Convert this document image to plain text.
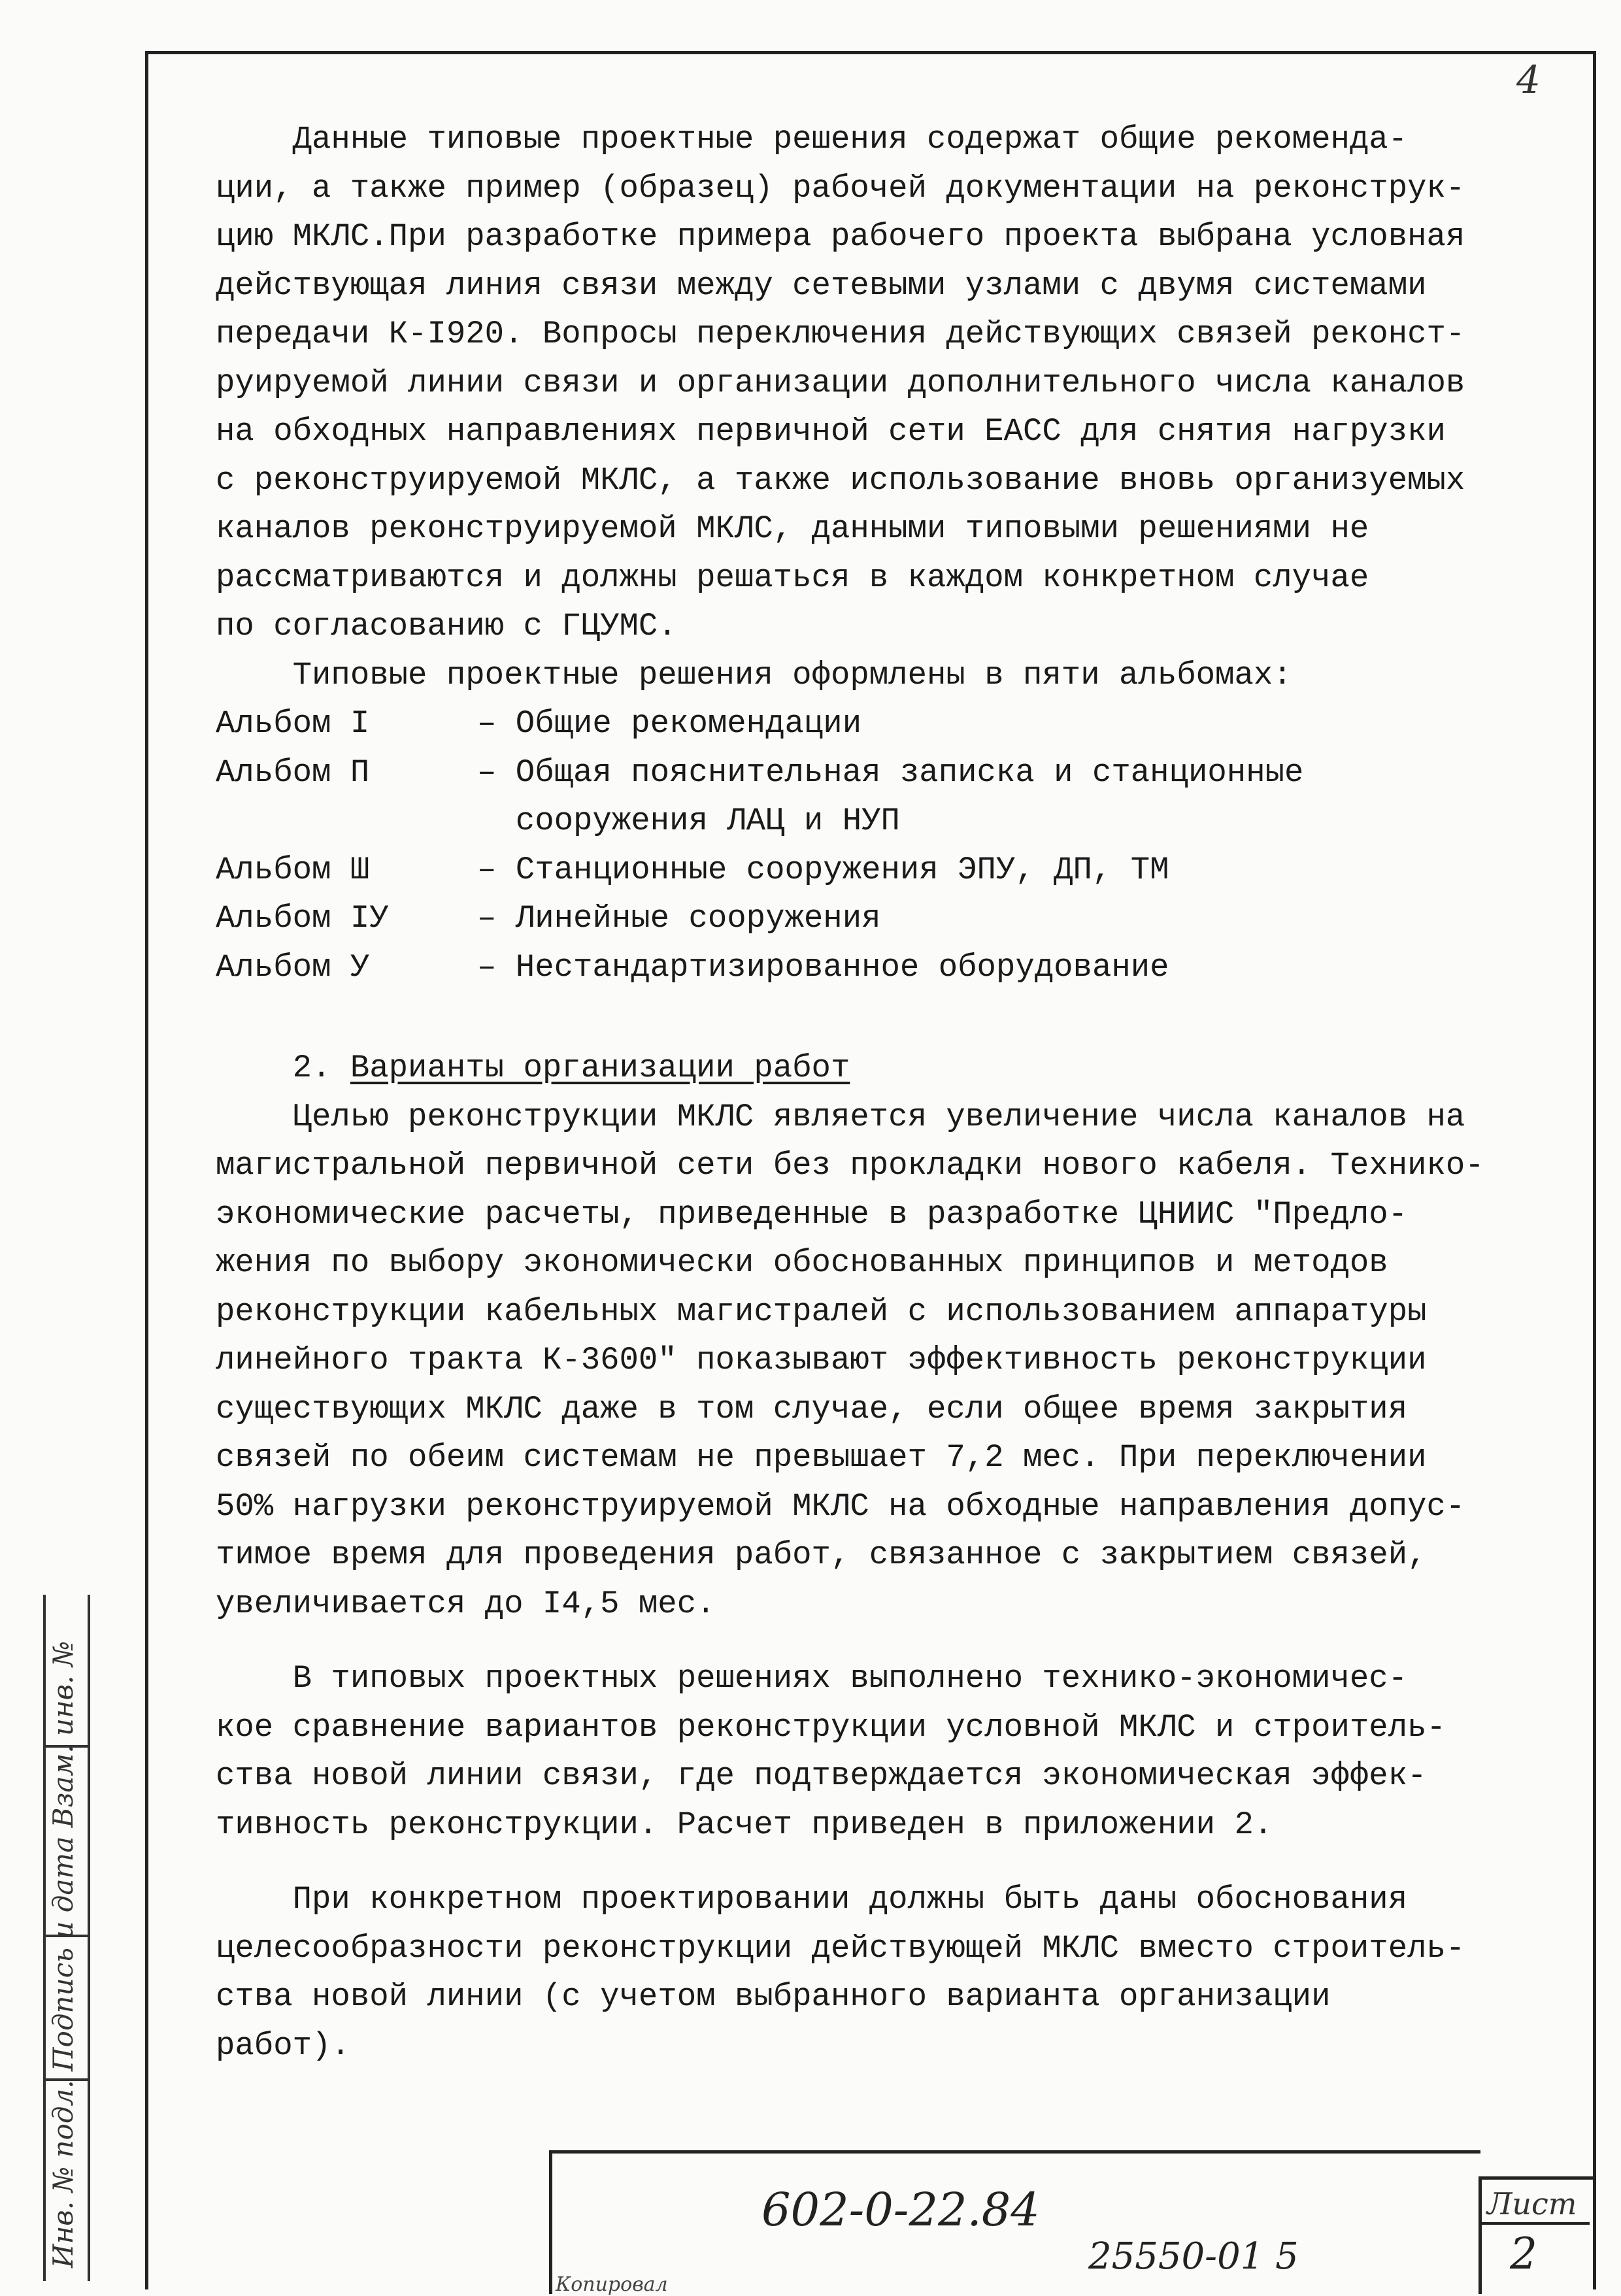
4
Данные типовые проектные решения содержат общие рекомендa-
ции, а также пример (образец) рабочей документации на реконструк-
цию МКЛС.При разработке примера рабочего проекта выбрана условная
действующая линия связи между сетевыми узлами с двумя системами
передачи К-I920. Вопросы переключения действующих связей реконст-
руируемой линии связи и организации дополнительного числа каналов
на обходных направлениях первичной сети ЕАСС для снятия нагрузки
с реконструируемой МКЛС, а также использование вновь организуемых
каналов реконструируемой МКЛС, данными типовыми решениями не
рассматриваются и должны решаться в каждом конкретном случае
по согласованию с ГЦУМС.
Типовые проектные решения оформлены в пяти альбомах:
Альбом I	– Общие рекомендации
Альбом П	– Общая пояснительная записка и станционные
сооружения ЛАЦ и НУП
Альбом Ш	– Станционные сооружения ЭПУ, ДП, ТМ
Альбом IУ	– Линейные сооружения
Альбом У	– Нестандартизированное оборудование
2. Варианты организации работ
Целью реконструкции МКЛС является увеличение числа каналов на
магистральной первичной сети без прокладки нового кабеля. Технико-
экономические расчеты, приведенные в разработке ЦНИИС "Предло-
жения по выбору экономически обоснованных принципов и методов
реконструкции кабельных магистралей с использованием аппаратуры
линейного тракта К-3600" показывают эффективность реконструкции
существующих МКЛС даже в том случае, если общее время закрытия
связей по обеим системам не превышает 7,2 мес. При переключении
50% нагрузки реконструируемой МКЛС на обходные направления допус-
тимое время для проведения работ, связанное с закрытием связей,
увеличивается до I4,5 мес.
В типовых проектных решениях выполнено технико-экономичес-
кое сравнение вариантов реконструкции условной МКЛС и строитель-
ства новой линии связи, где подтверждается экономическая эффек-
тивность реконструкции. Расчет приведен в приложении 2.
При конкретном проектировании должны быть даны обоснования
целесообразности реконструкции действующей МКЛС вместо строитель-
ства новой линии (с учетом выбранного варианта организации
работ).
Инв. № подл. Подпись и дата Взам. инв. №	602-0-22.84
25550-01 5
Лист
2
Копировал
